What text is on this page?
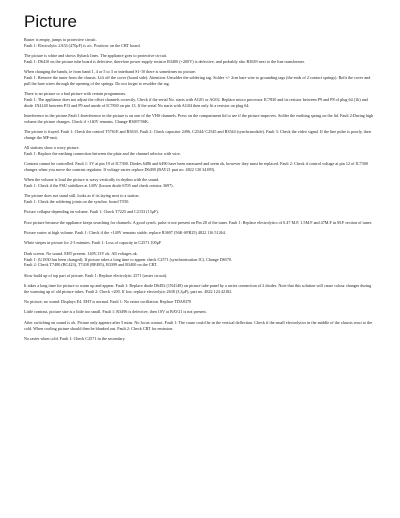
Picture

Raster is empty, jumps to protective circuit.
Fault 1: Electrolytic 2A53 (470μF) is a/c. Position: on the CRT board.

The picture is white and shows flyback lines. The appliance goes to protective circuit.
Fault 1: D6410 on the picture tube board is defective, therefore power supply resistor R3400 (+200V) is defective, and probably also R3639 next to the line transformer.

When changing the bands, ie from band 1, 4 or 5 to 3 or interband S1-10 there is sometimes no picture.
Fault 1: Remove the tuner from the chassis. Lift off the cover (board side). Attention: Unsolder the soldering tag. Solder +/- 2cm bare wire to grounding tags (the ends of 2 contact springs). Refit the cover and pull the bare wires through the opening of the springs. Do not forget to resolder the tag.

There is no picture or a bad picture with certain programmes.
Fault 1: The appliance does not adjust the offset channels correctly. Check if the serial No. starts with AG01 or AG02. Replace micro processor IC7830 and its resistor between P9 and P8 of plug 64 (1k) and diode 1N4148 between P13 and P9 and anode of IC7830 on pin 13. If the serial No starts with AG04 then only fit a resistor on plug 64.

Interference in the picture.Fault 1:Interference in the picture is on one of the VHS channels. Press on the compartment lid to see if the picture improves. Solder the earthing spring on the lid. Fault 2:During high volume the picture changes. Check if +140V remains. Change R3697/56K.

The picture is frayed. Fault 1: Check the control T5761E and R3633. Fault 2: Check capacitor 2496, C2544/ C2545 and R3544 (synchr.module). Fault 3: Check the video signal. If the line pulse is poorly, then change the MF-unit.

All stations show a wavy picture.
Fault 1: Replace the earthing connection between the plate and the channel selector with wire.

Contrast cannot be controlled. Fault 1: 3V at pin 19 of IC7300. Diodes 6486 and 6490 have been measured and seem ok, however they must be replaced. Fault 2: Check if control voltage at pin 12 of IC7300 changes when you move the contrast regulator. If voltage varies replace D6490 (BAV21 part no. 4822 130 34189).

When the volume is loud the picture is wavy vertically in rhythm with the sound.
Fault 1: Check if the PSU stabilizes at 140V (loosen diode 6705 and check resistor 3697).

The picture does not stand still, looks as if its laying next to a station.
Fault 1: Check the soldering joints on the synchro. board T550.

Picture collapse depending on volume. Fault 1: Check T7225 and C2153 (15μF).

Poor picture because the appliance keeps searching for channels. A good synch. pulse is not present on Pin 28 of the tuner. Fault 1: Replace electrolytics of 0.47 M.F, 1.5M.F and 47M.F in M.F section of tuner.

Picture varies at high volume. Fault 1: Check if the +140V remains stable, replace R3697 (56K-SFR25) 4822 116 51264.

White stripes in picture for 2-3 minutes. Fault 1: Loss of capacity in C2571 100μF

Dark screen. No sound. EHT present. 140V,13V ok. All voltages ok.
Fault 1: (U1830 has been changed). If picture takes a long time to appear check C2571 (synchronisation IC). Change D6570.
Fault 2: Check T7480 (BC423), T7438 (BF485), R3399 and R3400 on the CRT.

Slow build up of top part of picture. Fault 1: Replace electrolytic 2571 (raster circuit).

It takes a long time for picture to warm up and appear. Fault 1: Replace diode D6492 (1N4148) on picture tube panel by a series connection of 2 diodes. Note that this solution will cause colour changes during the warming up of old picture tubes. Fault 2: Check +200. If low, replace electrolytic 2638 (3,3μF), part no. 4822 124 42182.

No picture, no sound. Displays E4. EHT is normal. Fault 1: No raster oscillation. Replace TDA8370

Little contrast, picture size is a little too small. Fault 1: R3496 is defective, then 10V at BAV21 is not present.

After switching on sound is ok. Picture only appears after 5 mins. No focus contact. Fault 1: The cause could be in the vertical deflection. Check if the small electrolytics in the middle of the chassis react to the cold. When cooling picture should then be blanked out. Fault 2: Check CRT for emission.

No raster when cold. Fault 1: Check C2571 in the secondary.
